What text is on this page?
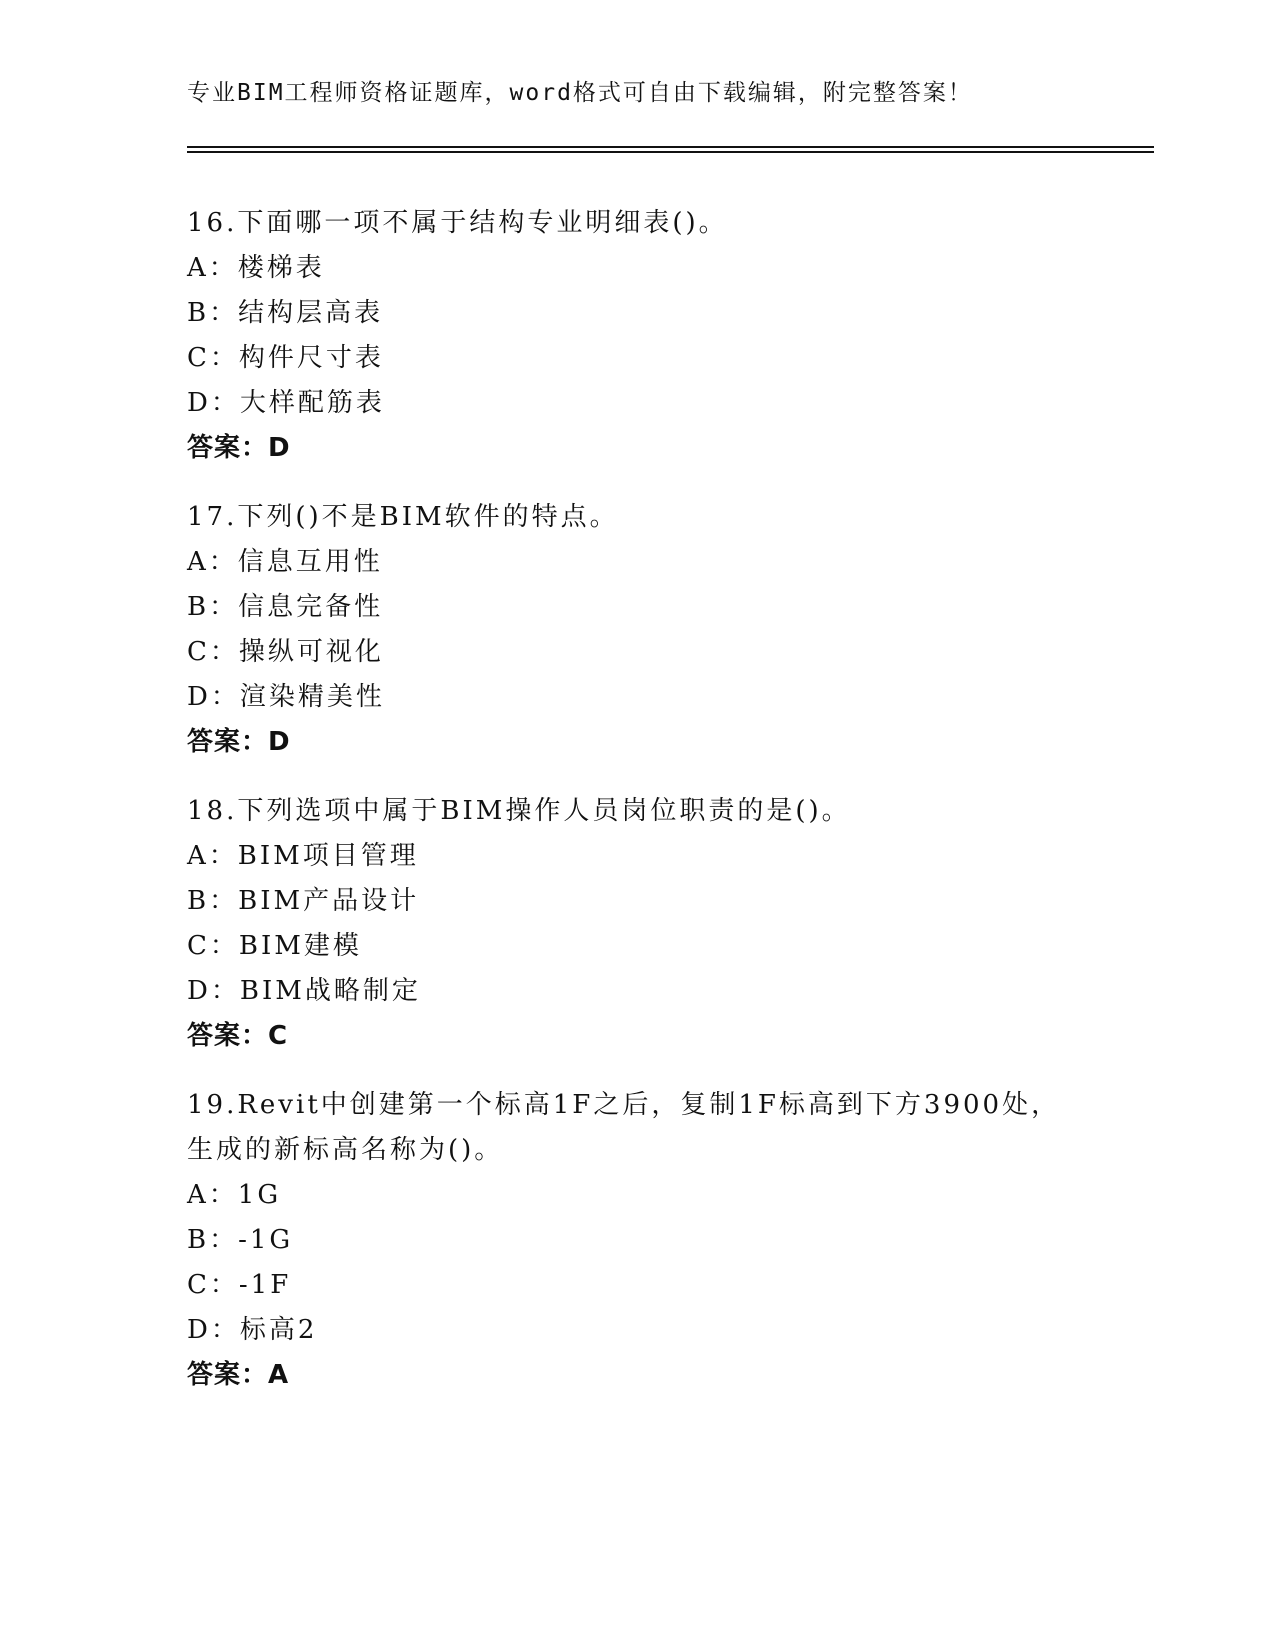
专业BIM工程师资格证题库，word格式可自由下载编辑，附完整答案！
16.下面哪一项不属于结构专业明细表()。
A：楼梯表
B：结构层高表
C：构件尺寸表
D：大样配筋表
答案：D
17.下列()不是BIM软件的特点。
A：信息互用性
B：信息完备性
C：操纵可视化
D：渲染精美性
答案：D
18.下列选项中属于BIM操作人员岗位职责的是()。
A：BIM项目管理
B：BIM产品设计
C：BIM建模
D：BIM战略制定
答案：C
19.Revit中创建第一个标高1F之后，复制1F标高到下方3900处，生成的新标高名称为()。
A：1G
B：-1G
C：-1F
D：标高2
答案：A
